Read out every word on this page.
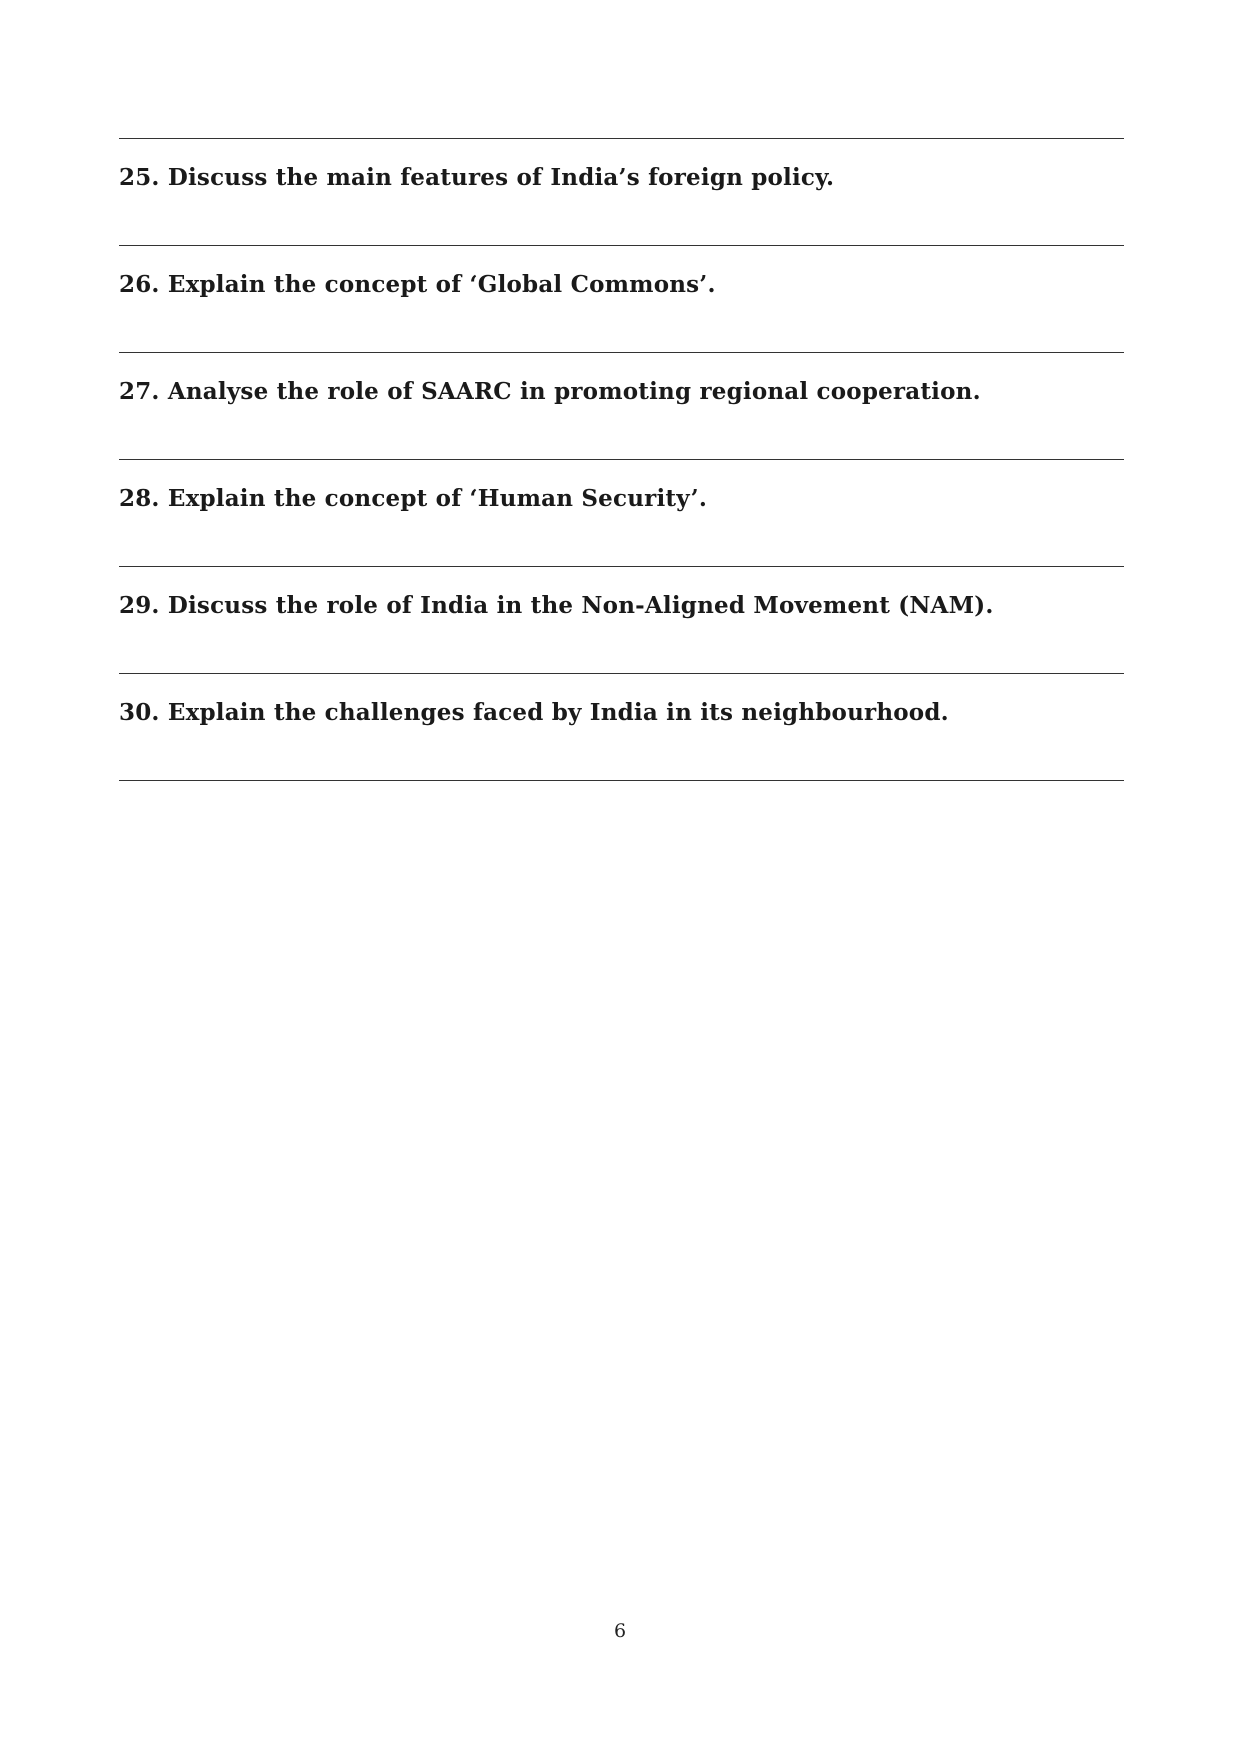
25. Discuss the main features of India’s foreign policy.
26. Explain the concept of ‘Global Commons’.
27. Analyse the role of SAARC in promoting regional cooperation.
28. Explain the concept of ‘Human Security’.
29. Discuss the role of India in the Non-Aligned Movement (NAM).
30. Explain the challenges faced by India in its neighbourhood.
6
